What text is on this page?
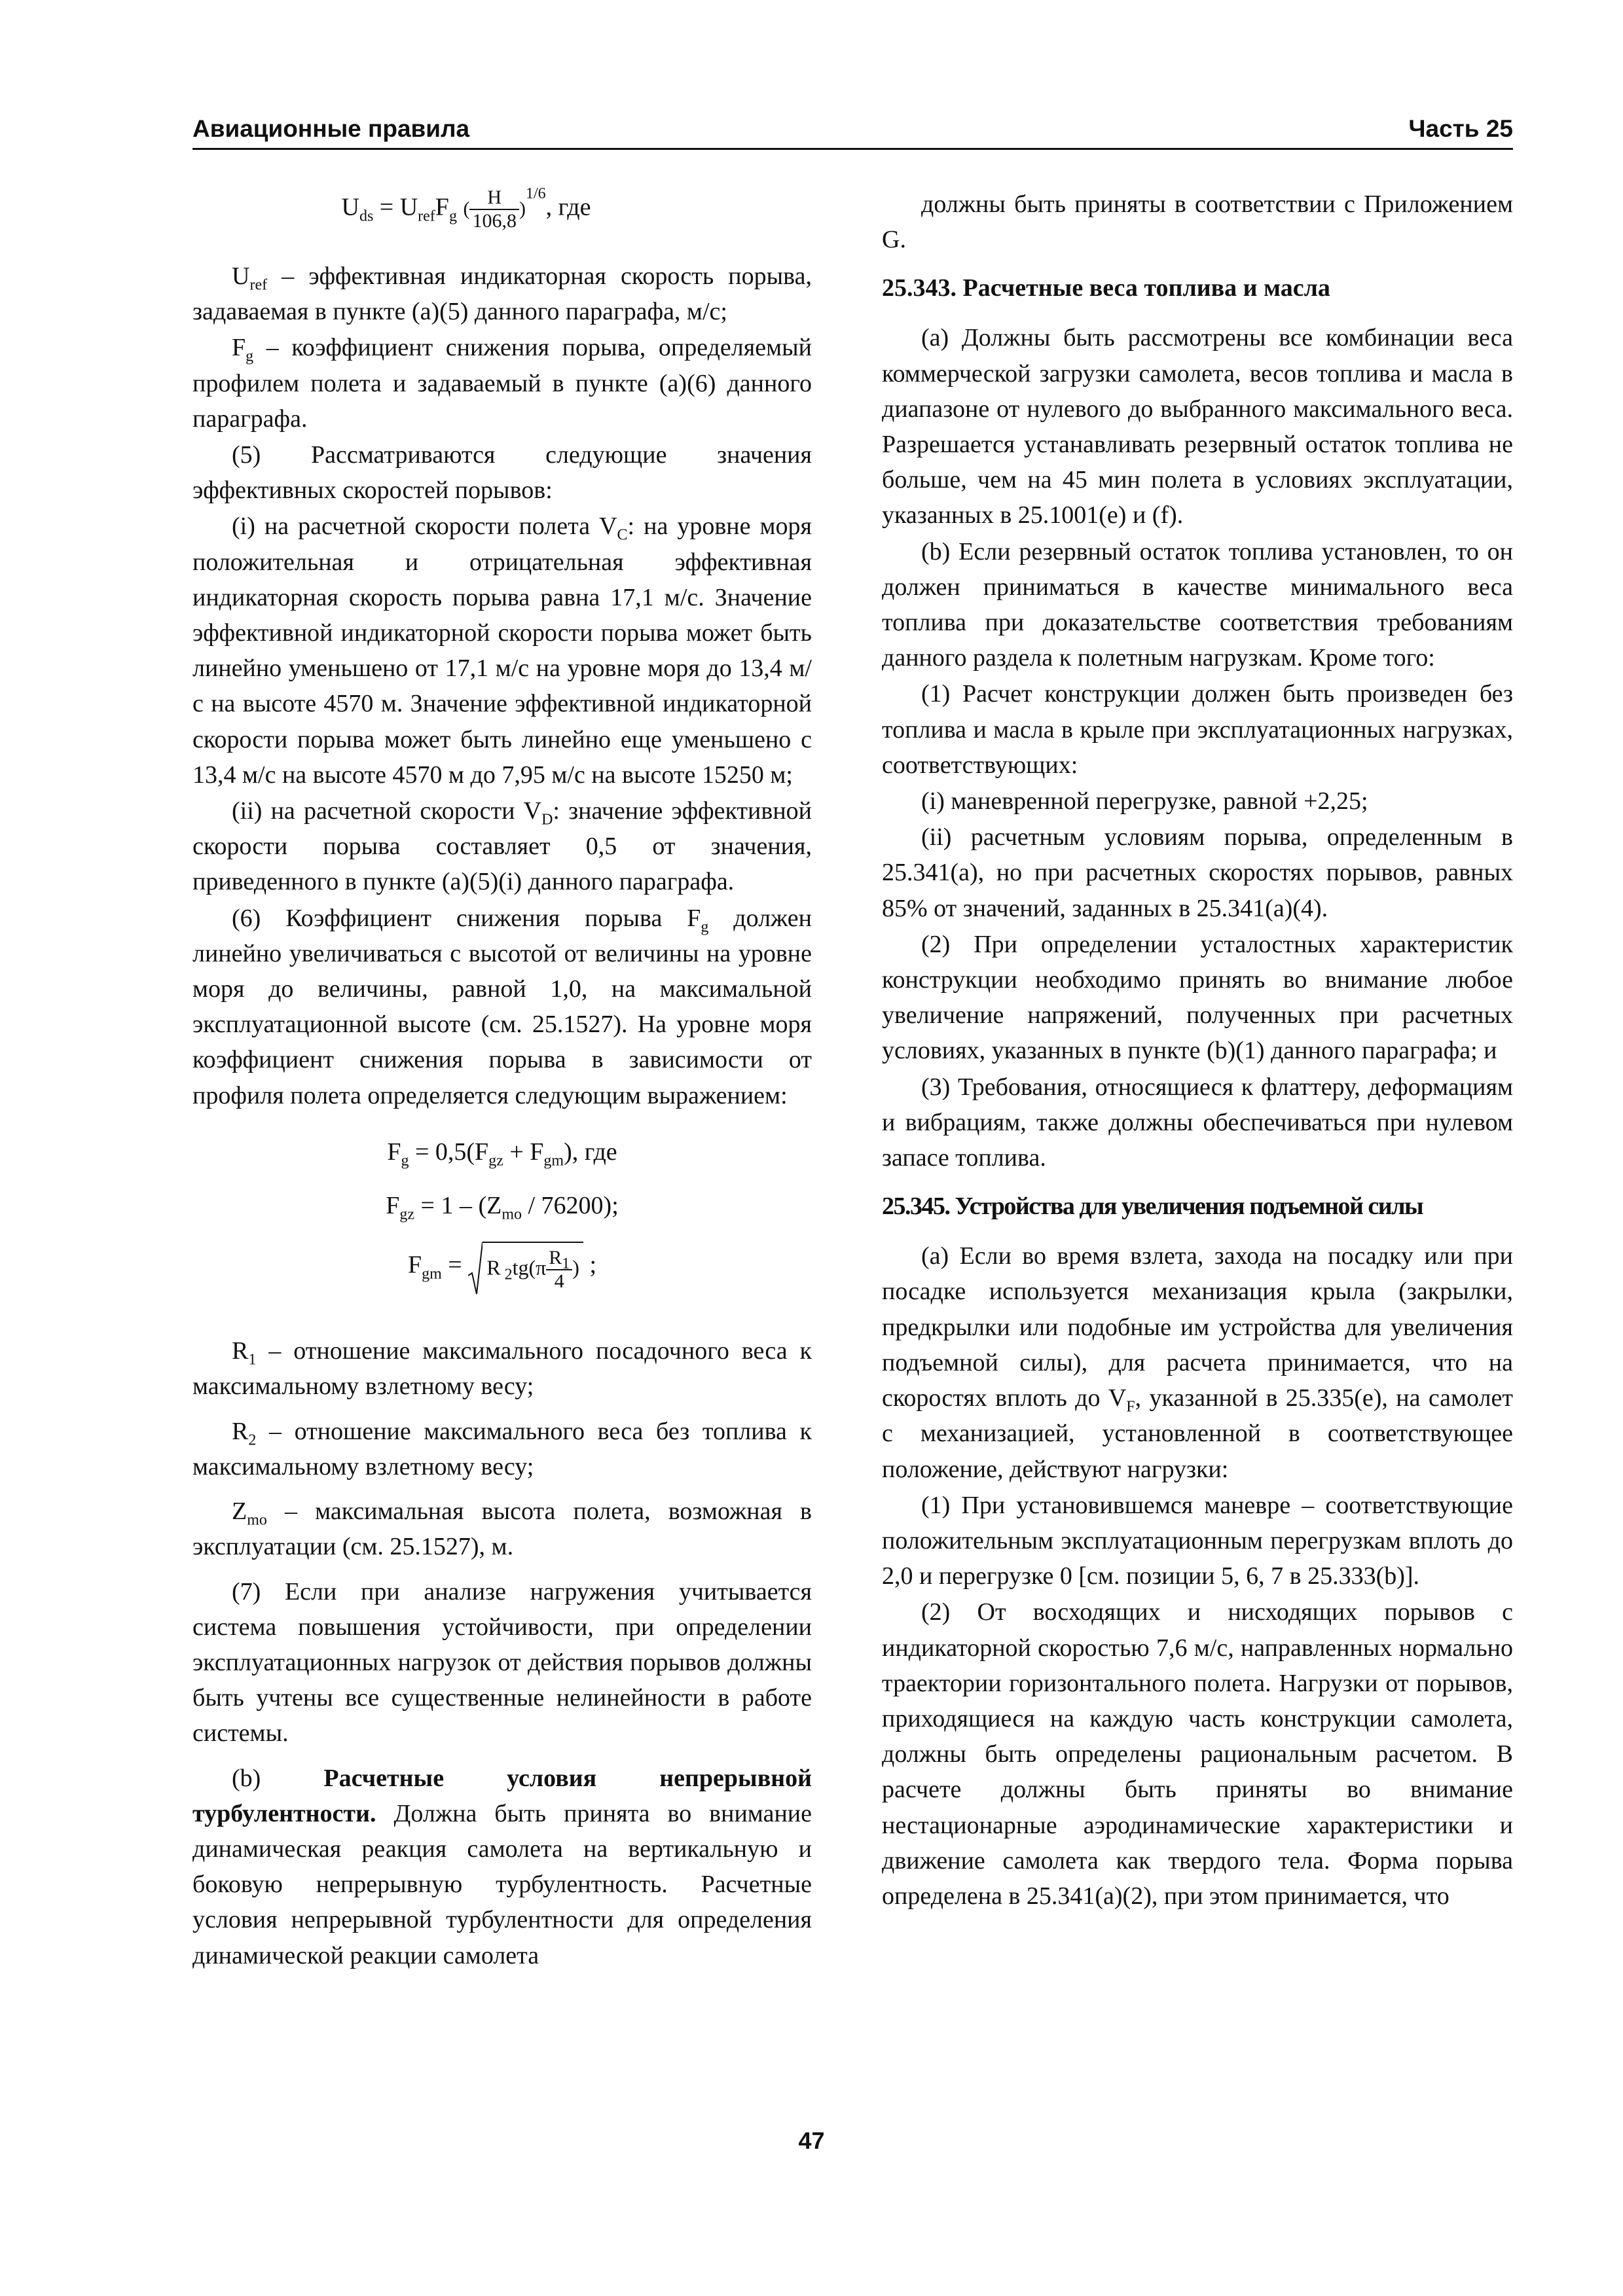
Авиационные правила	Часть 25
$U_{ds} = U_{ref}F_g$ ( $\frac{H}{106,8} )^{1/6}$, где

$U_{ref}$ – эффективная индикаторная скорость порыва, задаваемая в пункте (a)(5) данного параграфа, м/с;

$F_g$ – коэффициент снижения порыва, определяемый профилем полета и задаваемый в пункте (a)(6) данного параграфа.

(5) Рассматриваются следующие значения эффективных скоростей порывов:

(i) на расчетной скорости полета $V_C$: на уровне моря положительная и отрицательная эффективная индикаторная скорость порыва равна 17,1 м/с. Значение эффективной индикаторной скорости порыва может быть линейно уменьшено от 17,1 м/с на уровне моря до 13,4 м/с на высоте 4570 м. Значение эффективной индикаторной скорости порыва может быть линейно еще уменьшено с 13,4 м/с на высоте 4570 м до 7,95 м/с на высоте 15250 м;

(ii) на расчетной скорости $V_D$: значение эффективной скорости порыва составляет 0,5 от значения, приведенного в пункте (a)(5)(i) данного параграфа.

(6) Коэффициент снижения порыва $F_g$ должен линейно увеличиваться с высотой от величины на уровне моря до величины, равной 1,0, на максимальной эксплуатационной высоте (см. 25.1527). На уровне моря коэффициент снижения порыва в зависимости от профиля полета определяется следующим выражением:

$F_g = 0,5(F_{gz} + F_{gm})$, где
$F_{gz} = 1 - (Z_{mo} / 76200)$;
$F_{gm}$ =
R $_2tg(\pi \frac{R_1}{4}$ ) ;

$R_1$ – отношение максимального посадочного веса к максимальному взлетному весу;

$R_2$ – отношение максимального веса без топлива к максимальному взлетному весу;

$Z_{mo}$ – максимальная высота полета, возможная в эксплуатации (см. 25.1527), м.

(7) Если при анализе нагружения учитывается система повышения устойчивости, при определении эксплуатационных нагрузок от действия порывов должны быть учтены все существенные нелинейности в работе системы.

(b) Расчетные условия непрерывной турбулентности. Должна быть принята во внимание динамическая реакция самолета на вертикальную и боковую непрерывную турбулентность. Расчетные условия непрерывной турбулентности для определения динамической реакции самолета

должны быть приняты в соответствии с Приложением G.

25.343. Расчетные веса топлива и масла

(a) Должны быть рассмотрены все комбинации веса коммерческой загрузки самолета, весов топлива и масла в диапазоне от нулевого до выбранного максимального веса. Разрешается устанавливать резервный остаток топлива не больше, чем на 45 мин полета в условиях эксплуатации, указанных в 25.1001(e) и (f).

(b) Если резервный остаток топлива установлен, то он должен приниматься в качестве минимального веса топлива при доказательстве соответствия требованиям данного раздела к полетным нагрузкам. Кроме того:

(1) Расчет конструкции должен быть произведен без топлива и масла в крыле при эксплуатационных нагрузках, соответствующих:

(i) маневренной перегрузке, равной +2,25;

(ii) расчетным условиям порыва, определенным в 25.341(a), но при расчетных скоростях порывов, равных 85% от значений, заданных в 25.341(a)(4).

(2) При определении усталостных характеристик конструкции необходимо принять во внимание любое увеличение напряжений, полученных при расчетных условиях, указанных в пункте (b)(1) данного параграфа; и

(3) Требования, относящиеся к флаттеру, деформациям и вибрациям, также должны обеспечиваться при нулевом запасе топлива.

25.345. Устройства для увеличения подъемной силы

(a) Если во время взлета, захода на посадку или при посадке используется механизация крыла (закрылки, предкрылки или подобные им устройства для увеличения подъемной силы), для расчета принимается, что на скоростях вплоть до $V_F$, указанной в 25.335(e), на самолет с механизацией, установленной в соответствующее положение, действуют нагрузки:

(1) При установившемся маневре – соответствующие положительным эксплуатационным перегрузкам вплоть до 2,0 и перегрузке 0 [см. позиции 5, 6, 7 в 25.333(b)].

(2) От восходящих и нисходящих порывов с индикаторной скоростью 7,6 м/с, направленных нормально траектории горизонтального полета. Нагрузки от порывов, приходящиеся на каждую часть конструкции самолета, должны быть определены рациональным расчетом. В расчете должны быть приняты во внимание нестационарные аэродинамические характеристики и движение самолета как твердого тела. Форма порыва определена в 25.341(a)(2), при этом принимается, что

47
